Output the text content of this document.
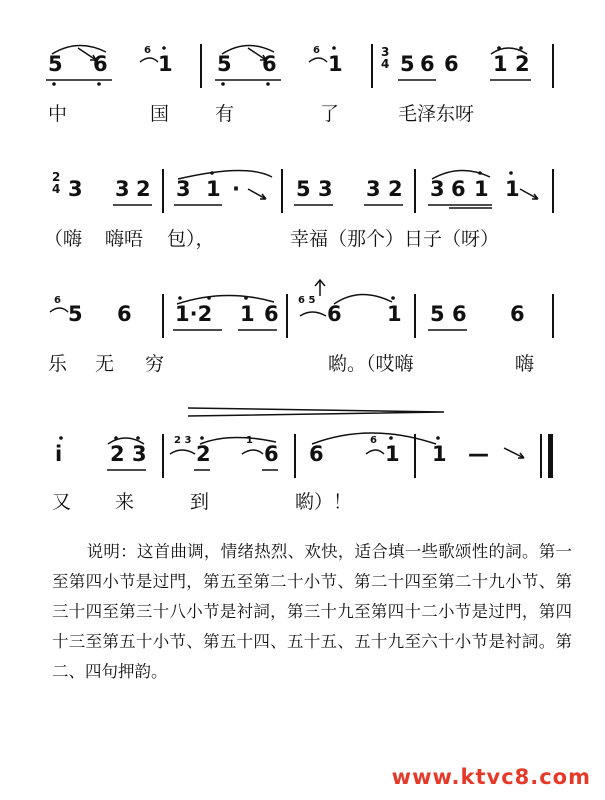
5 6
6
1 5 6
6
1	3
4 5 6 6 1 2
中	国 有	了	毛泽东呀
2
4 3 3 2 3 1 ·	5 3 3 2 3 6 1 1
（嗨 嗨唔 包），	幸福（那个）日子（呀）
6
5 6 1·2 1 6
6 5
6 1 5 6 6
乐 无 穷	喲。（哎嗨	嗨
i 2 3
2 3
2
1
6 6
6
1 1 —
又 来	到	喲）！
说明：这首曲调，情绪热烈、欢快，适合填一些歌颂性的詞。第一至第四小节是过門，第五至第二十小节、第二十四至第二十九小节、第三十四至第三十八小节是衬詞，第三十九至第四十二小节是过門，第四十三至第五十小节、第五十四、五十五、五十九至六十小节是衬詞。第二、四句押韵。
www.ktvc8.com
